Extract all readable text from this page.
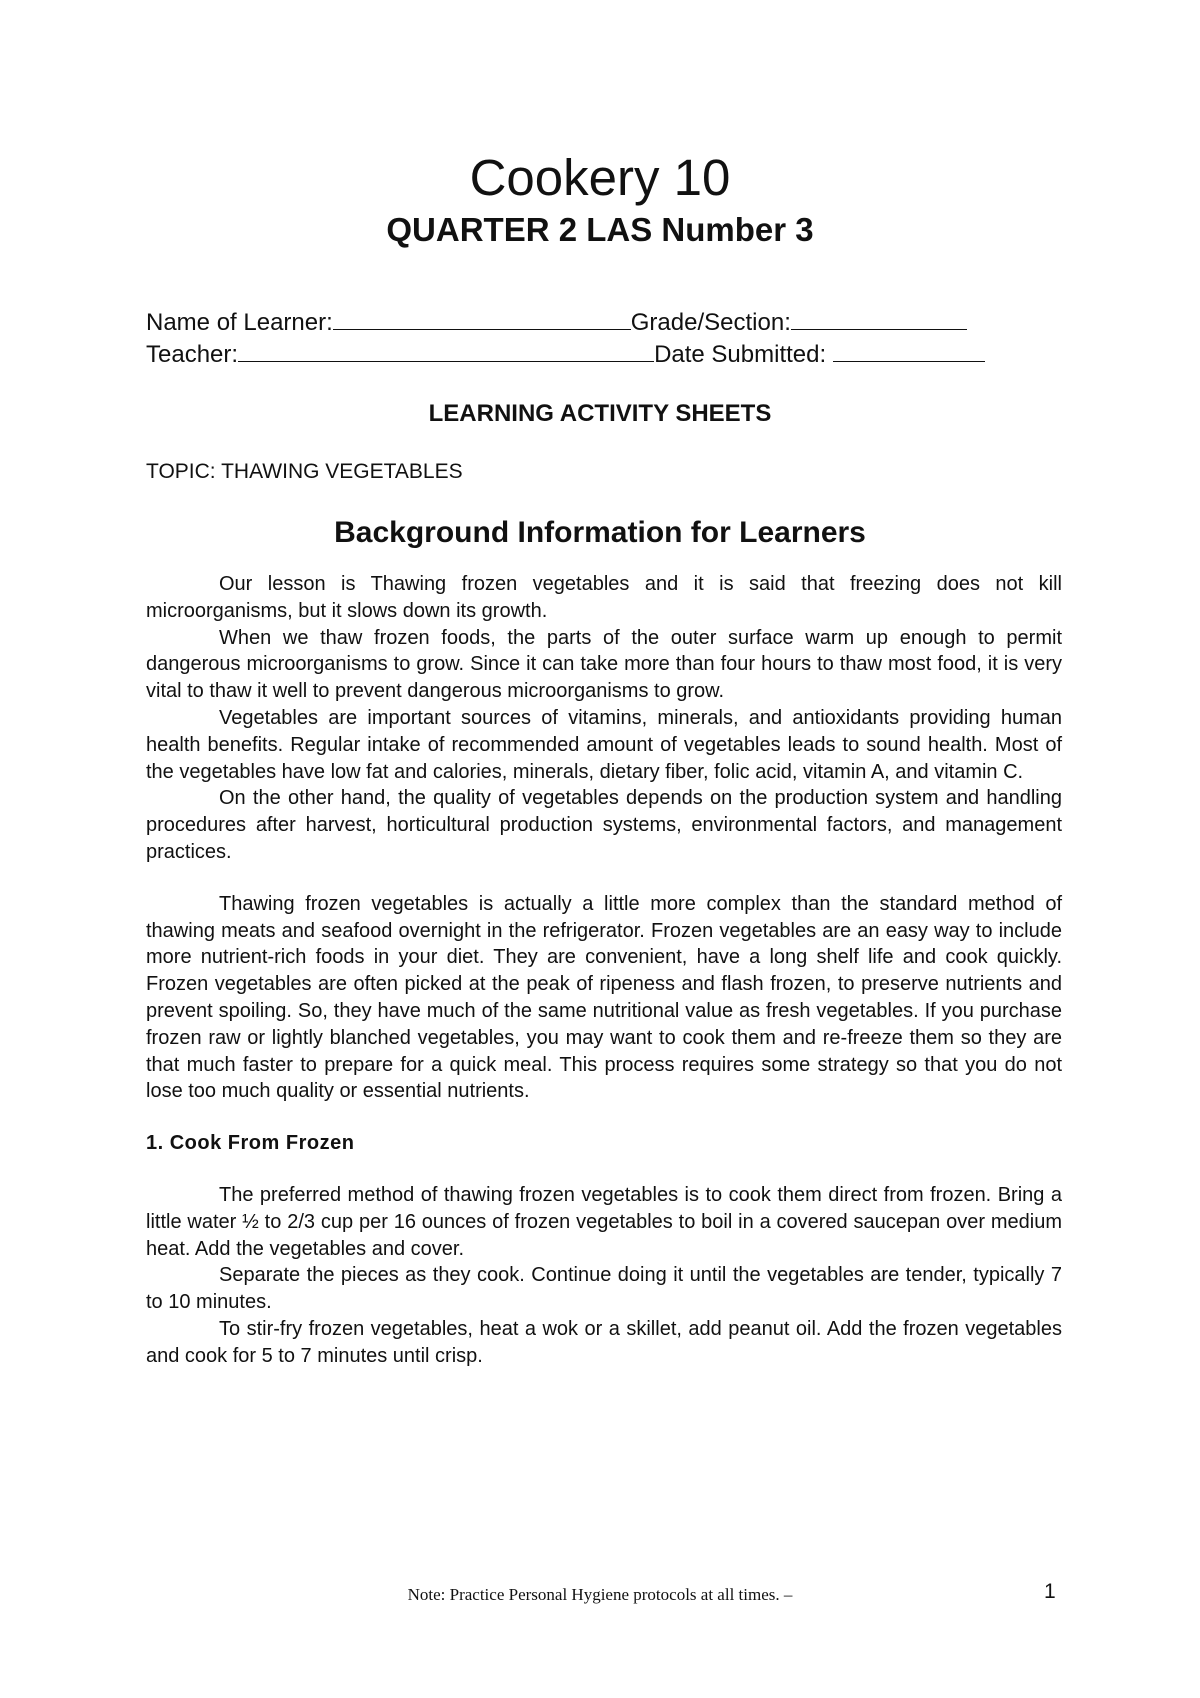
Cookery 10
QUARTER 2 LAS Number 3
Name of Learner:	Grade/Section:
Teacher:	Date Submitted:
LEARNING ACTIVITY SHEETS
TOPIC: THAWING VEGETABLES
Background Information for Learners

Our lesson is Thawing frozen vegetables and it is said that freezing does not kill microorganisms, but it slows down its growth.

When we thaw frozen foods, the parts of the outer surface warm up enough to permit dangerous microorganisms to grow. Since it can take more than four hours to thaw most food, it is very vital to thaw it well to prevent dangerous microorganisms to grow.

Vegetables are important sources of vitamins, minerals, and antioxidants providing human health benefits. Regular intake of recommended amount of vegetables leads to sound health. Most of the vegetables have low fat and calories, minerals, dietary fiber, folic acid, vitamin A, and vitamin C.

On the other hand, the quality of vegetables depends on the production system and handling procedures after harvest, horticultural production systems, environmental factors, and management practices.

Thawing frozen vegetables is actually a little more complex than the standard method of thawing meats and seafood overnight in the refrigerator. Frozen vegetables are an easy way to include more nutrient-rich foods in your diet. They are convenient, have a long shelf life and cook quickly. Frozen vegetables are often picked at the peak of ripeness and flash frozen, to preserve nutrients and prevent spoiling. So, they have much of the same nutritional value as fresh vegetables. If you purchase frozen raw or lightly blanched vegetables, you may want to cook them and re-freeze them so they are that much faster to prepare for a quick meal. This process requires some strategy so that you do not lose too much quality or essential nutrients.

1. Cook From Frozen

The preferred method of thawing frozen vegetables is to cook them direct from frozen. Bring a little water ½ to 2/3 cup per 16 ounces of frozen vegetables to boil in a covered saucepan over medium heat. Add the vegetables and cover.

Separate the pieces as they cook. Continue doing it until the vegetables are tender, typically 7 to 10 minutes.

To stir-fry frozen vegetables, heat a wok or a skillet, add peanut oil. Add the frozen vegetables and cook for 5 to 7 minutes until crisp.

Note: Practice Personal Hygiene protocols at all times. –	1
